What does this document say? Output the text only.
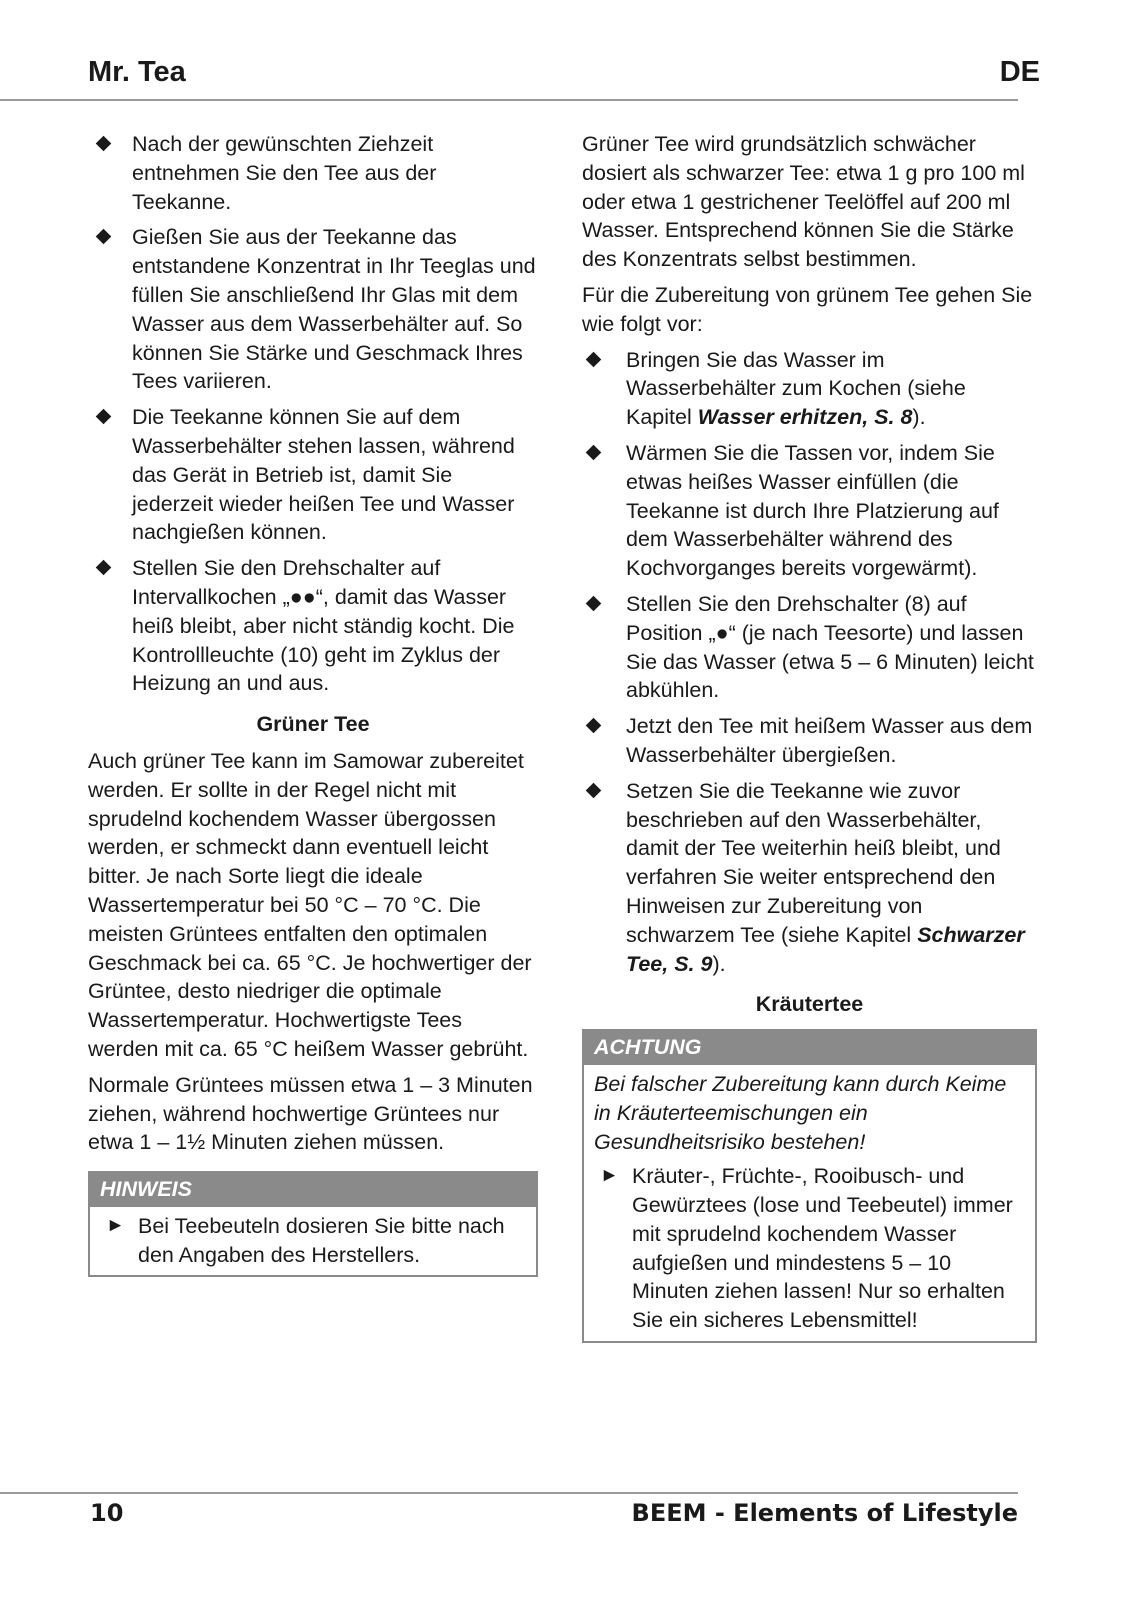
Mr. Tea	DE
Nach der gewünschten Ziehzeit entnehmen Sie den Tee aus der Teekanne.
Gießen Sie aus der Teekanne das entstandene Konzentrat in Ihr Teeglas und füllen Sie anschließend Ihr Glas mit dem Wasser aus dem Wasserbehälter auf. So können Sie Stärke und Geschmack Ihres Tees variieren.
Die Teekanne können Sie auf dem Wasserbehälter stehen lassen, während das Gerät in Betrieb ist, damit Sie jederzeit wieder heißen Tee und Wasser nachgießen können.
Stellen Sie den Drehschalter auf Intervallkochen „●●“, damit das Wasser heiß bleibt, aber nicht ständig kocht. Die Kontrollleuchte (10) geht im Zyklus der Heizung an und aus.
Grüner Tee

Auch grüner Tee kann im Samowar zubereitet werden. Er sollte in der Regel nicht mit sprudelnd kochendem Wasser übergossen werden, er schmeckt dann eventuell leicht bitter. Je nach Sorte liegt die ideale Wassertemperatur bei 50 °C – 70 °C. Die meisten Grüntees entfalten den optimalen Geschmack bei ca. 65 °C. Je hochwertiger der Grüntee, desto niedriger die optimale Wassertemperatur. Hochwertigste Tees werden mit ca. 65 °C heißem Wasser gebrüht.

Normale Grüntees müssen etwa 1 – 3 Minuten ziehen, während hochwertige Grüntees nur etwa 1 – 1½ Minuten ziehen müssen.

HINWEIS
► Bei Teebeuteln dosieren Sie bitte nach den Angaben des Herstellers.

Grüner Tee wird grundsätzlich schwächer dosiert als schwarzer Tee: etwa 1 g pro 100 ml oder etwa 1 gestrichener Teelöffel auf 200 ml Wasser. Entsprechend können Sie die Stärke des Konzentrats selbst bestimmen.

Für die Zubereitung von grünem Tee gehen Sie wie folgt vor:

Bringen Sie das Wasser im Wasserbehälter zum Kochen (siehe Kapitel Wasser erhitzen, S. 8).
Wärmen Sie die Tassen vor, indem Sie etwas heißes Wasser einfüllen (die Teekanne ist durch Ihre Platzierung auf dem Wasserbehälter während des Kochvorganges bereits vorgewärmt).
Stellen Sie den Drehschalter (8) auf Position „●“ (je nach Teesorte) und lassen Sie das Wasser (etwa 5 – 6 Minuten) leicht abkühlen.
Jetzt den Tee mit heißem Wasser aus dem Wasserbehälter übergießen.
Setzen Sie die Teekanne wie zuvor beschrieben auf den Wasserbehälter, damit der Tee weiterhin heiß bleibt, und verfahren Sie weiter entsprechend den Hinweisen zur Zubereitung von schwarzem Tee (siehe Kapitel Schwarzer Tee, S. 9).
Kräutertee
ACHTUNG
Bei falscher Zubereitung kann durch Keime in Kräuterteemischungen ein Gesundheitsrisiko bestehen!
► Kräuter-, Früchte-, Rooibusch- und Gewürztees (lose und Teebeutel) immer mit sprudelnd kochendem Wasser aufgießen und mindestens 5 – 10 Minuten ziehen lassen! Nur so erhalten Sie ein sicheres Lebensmittel!
10	BEEM - Elements of Lifestyle
